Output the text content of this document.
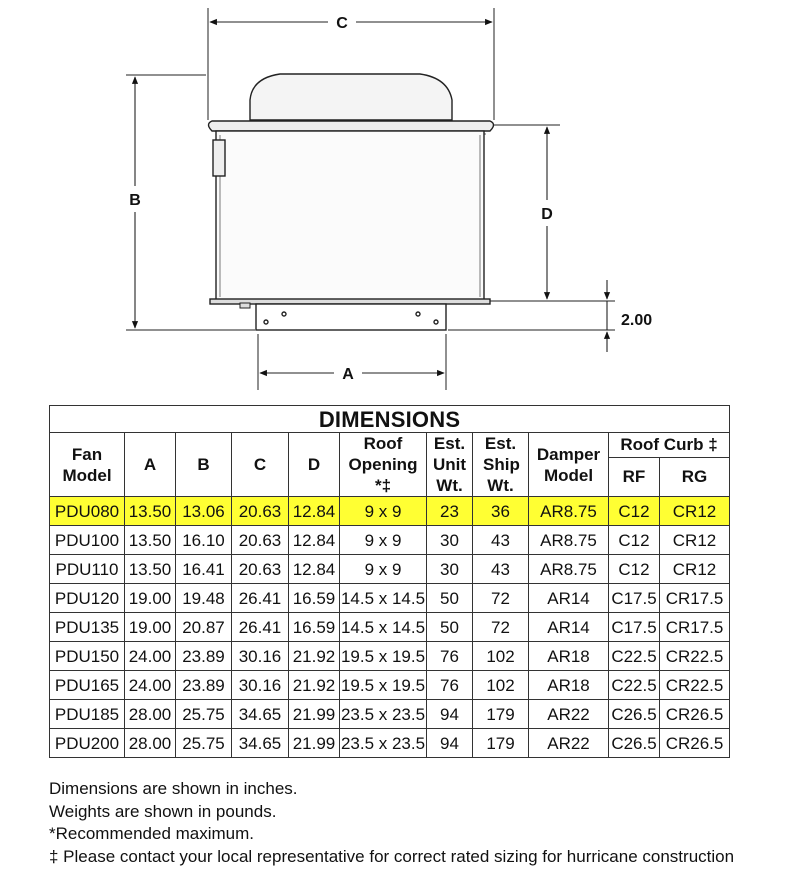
C
B
D
A
2.00
DIMENSIONS										
Fan Model	A	B	C	D	Roof Opening *‡	Est. Unit Wt.	Est. Ship Wt.	Damper Model	Roof Curb ‡	
									RF	RG
PDU080	13.50	13.06	20.63	12.84	9 x 9	23	36	AR8.75	C12	CR12
PDU100	13.50	16.10	20.63	12.84	9 x 9	30	43	AR8.75	C12	CR12
PDU110	13.50	16.41	20.63	12.84	9 x 9	30	43	AR8.75	C12	CR12
PDU120	19.00	19.48	26.41	16.59	14.5 x 14.5	50	72	AR14	C17.5	CR17.5
PDU135	19.00	20.87	26.41	16.59	14.5 x 14.5	50	72	AR14	C17.5	CR17.5
PDU150	24.00	23.89	30.16	21.92	19.5 x 19.5	76	102	AR18	C22.5	CR22.5
PDU165	24.00	23.89	30.16	21.92	19.5 x 19.5	76	102	AR18	C22.5	CR22.5
PDU185	28.00	25.75	34.65	21.99	23.5 x 23.5	94	179	AR22	C26.5	CR26.5
PDU200	28.00	25.75	34.65	21.99	23.5 x 23.5	94	179	AR22	C26.5	CR26.5
Dimensions are shown in inches.
Weights are shown in pounds.
*Recommended maximum.
‡ Please contact your local representative for correct rated sizing for hurricane construction
